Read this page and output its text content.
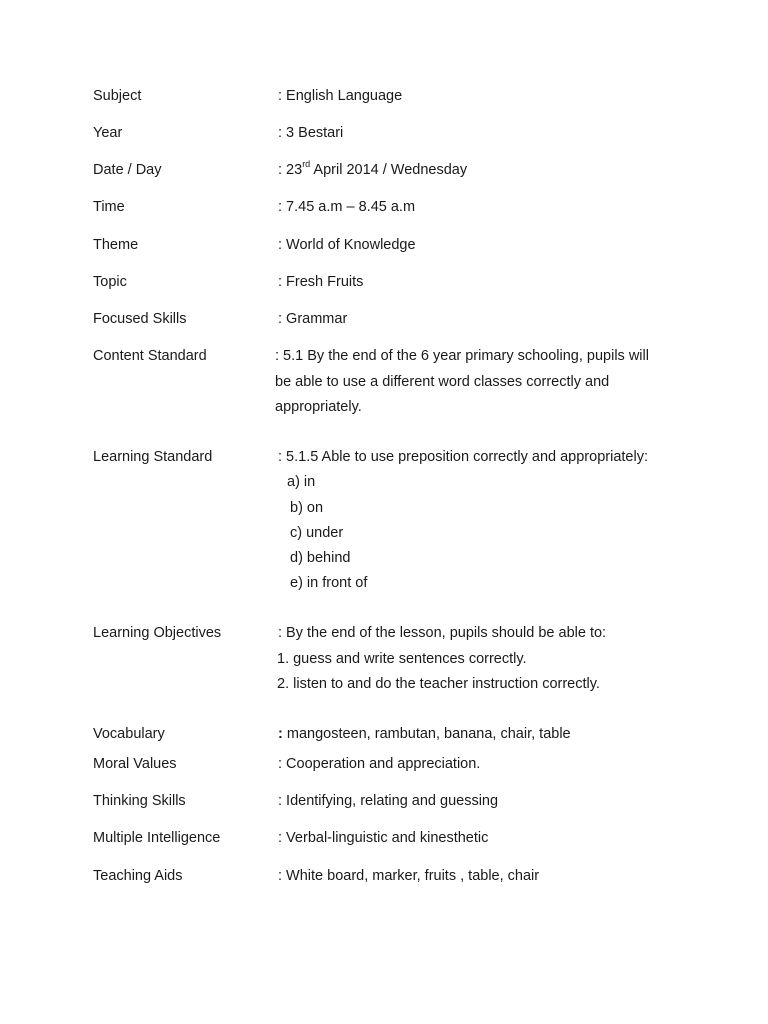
Subject	: English Language
Year	: 3 Bestari
Date / Day	: 23rd April 2014 / Wednesday
Time	: 7.45 a.m – 8.45 a.m
Theme	: World of Knowledge
Topic	: Fresh Fruits
Focused Skills	: Grammar
Content Standard	: 5.1 By the end of the 6 year primary schooling, pupils will
be able to use a different word classes correctly and
appropriately.
Learning Standard	: 5.1.5 Able to use preposition correctly and appropriately:
a) in
b) on
c) under
d) behind
e) in front of
Learning Objectives	: By the end of the lesson, pupils should be able to:
1. guess and write sentences correctly.
2. listen to and do the teacher instruction correctly.
Vocabulary	: mangosteen, rambutan, banana, chair, table
Moral Values	: Cooperation and appreciation.
Thinking Skills	: Identifying, relating and guessing
Multiple Intelligence	: Verbal-linguistic and kinesthetic
Teaching Aids	: White board, marker, fruits , table, chair
